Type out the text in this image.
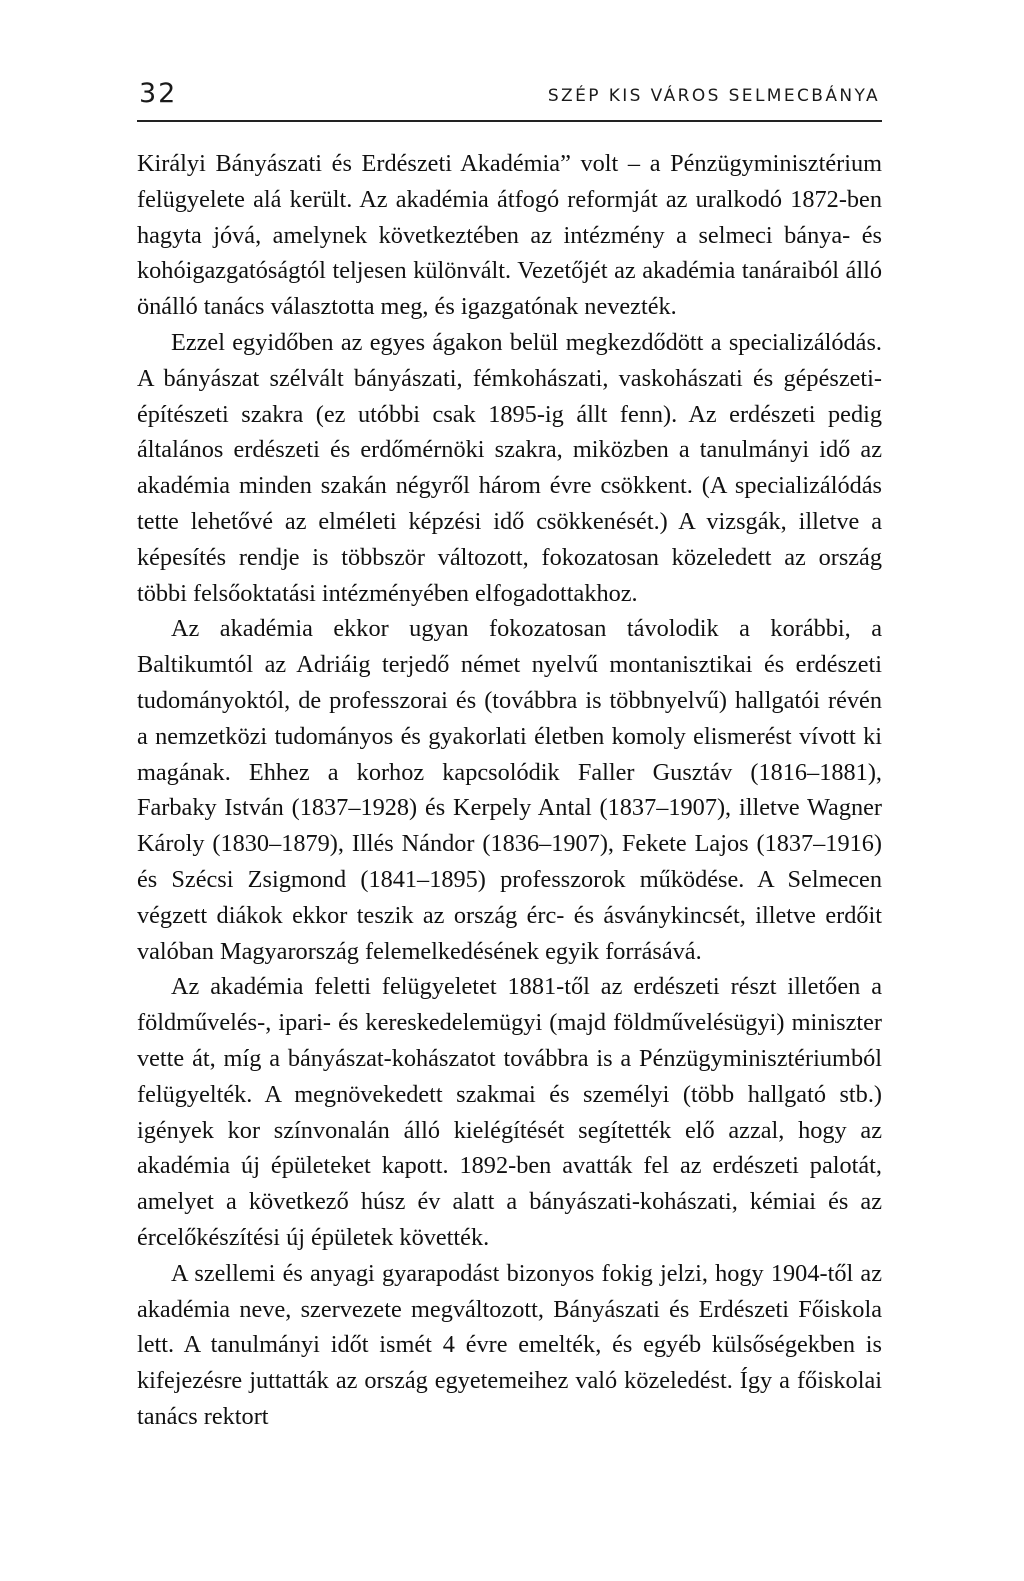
32	SZÉP KIS VÁROS SELMECBÁNYA

Királyi Bányászati és Erdészeti Akadémia” volt – a Pénzügyminisztérium felügyelete alá került. Az akadémia átfogó reformját az uralkodó 1872-ben hagyta jóvá, amelynek következtében az intézmény a selmeci bánya- és kohóigazgatóságtól teljesen különvált. Vezetőjét az akadémia tanáraiból álló önálló tanács választotta meg, és igazgatónak nevezték.

Ezzel egyidőben az egyes ágakon belül megkezdődött a specializálódás. A bányászat szélvált bányászati, fémkohászati, vaskohászati és gépészeti-építészeti szakra (ez utóbbi csak 1895-ig állt fenn). Az erdészeti pedig általános erdészeti és erdőmérnöki szakra, miközben a tanulmányi idő az akadémia minden szakán négyről három évre csökkent. (A specializálódás tette lehetővé az elméleti képzési idő csökkenését.) A vizsgák, illetve a képesítés rendje is többször változott, fokozatosan közeledett az ország többi felsőoktatási intézményében elfogadottakhoz.

Az akadémia ekkor ugyan fokozatosan távolodik a korábbi, a Baltikumtól az Adriáig terjedő német nyelvű montanisztikai és erdészeti tudományoktól, de professzorai és (továbbra is többnyelvű) hallgatói révén a nemzetközi tudományos és gyakorlati életben komoly elismerést vívott ki magának. Ehhez a korhoz kapcsolódik Faller Gusztáv (1816–1881), Farbaky István (1837–1928) és Kerpely Antal (1837–1907), illetve Wagner Károly (1830–1879), Illés Nándor (1836–1907), Fekete Lajos (1837–1916) és Szécsi Zsigmond (1841–1895) professzorok működése. A Selmecen végzett diákok ekkor teszik az ország érc- és ásványkincsét, illetve erdőit valóban Magyarország felemelkedésének egyik forrásává.

Az akadémia feletti felügyeletet 1881-től az erdészeti részt illetően a földművelés-, ipari- és kereskedelemügyi (majd földművelésügyi) miniszter vette át, míg a bányászat-kohászatot továbbra is a Pénzügyminisztériumból felügyelték. A megnövekedett szakmai és személyi (több hallgató stb.) igények kor színvonalán álló kielégítését segítették elő azzal, hogy az akadémia új épületeket kapott. 1892-ben avatták fel az erdészeti palotát, amelyet a következő húsz év alatt a bányászati-kohászati, kémiai és az ércelőkészítési új épületek követték.

A szellemi és anyagi gyarapodást bizonyos fokig jelzi, hogy 1904-től az akadémia neve, szervezete megváltozott, Bányászati és Erdészeti Főiskola lett. A tanulmányi időt ismét 4 évre emelték, és egyéb külsőségekben is kifejezésre juttatták az ország egyetemeihez való közeledést. Így a főiskolai tanács rektort
